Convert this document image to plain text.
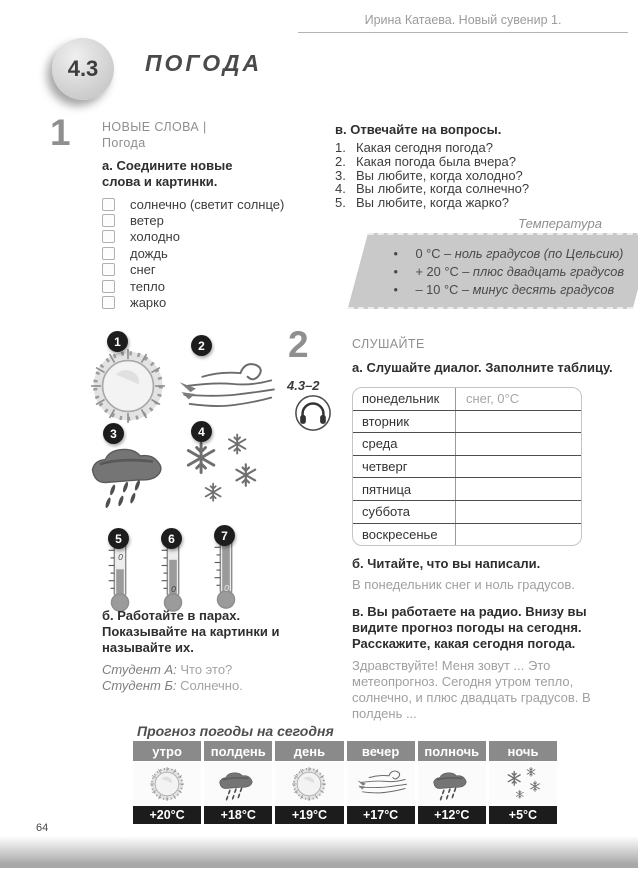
Ирина Катаева. Новый сувенир 1.
4.3 ПОГОДА
1	НОВЫЕ СЛОВА |
Погода
а. Соедините новые слова и картинки.
солнечно (светит солнце)
ветер
холодно
дождь
снег
тепло
жарко
1	2
3	4
5
0
6
0
7
0
б. Работайте в парах. Показывайте на картинки и называйте их.
Студент А: Что это?
Студент Б: Солнечно.
в. Отвечайте на вопросы.
1. Какая сегодня погода?
2. Какая погода была вчера?
3. Вы любите, когда холодно?
4. Вы любите, когда солнечно?
5. Вы любите, когда жарко?
Температура
• 0 °C – ноль градусов (по Цельсию)
• + 20 °C – плюс двадцать градусов
• – 10 °C – минус десять градусов
2	СЛУШАЙТЕ
а. Слушайте диалог. Заполните таблицу.
4.3–2
понедельник	снег, 0°С
вторник
среда
четверг
пятница
суббота
воскресенье
б. Читайте, что вы написали.
В понедельник снег и ноль градусов.
в. Вы работаете на радио. Внизу вы видите прогноз погоды на сегодня. Расскажите, какая сегодня погода.
Здравствуйте! Меня зовут ... Это метеопрогноз. Сегодня утром тепло, солнечно, и плюс двадцать градусов. В полдень ...
Прогноз погоды на сегодня
утро
+20°C
полдень
+18°C
день
+19°C
вечер
+17°C
полночь
+12°C
ночь
+5°C
64
